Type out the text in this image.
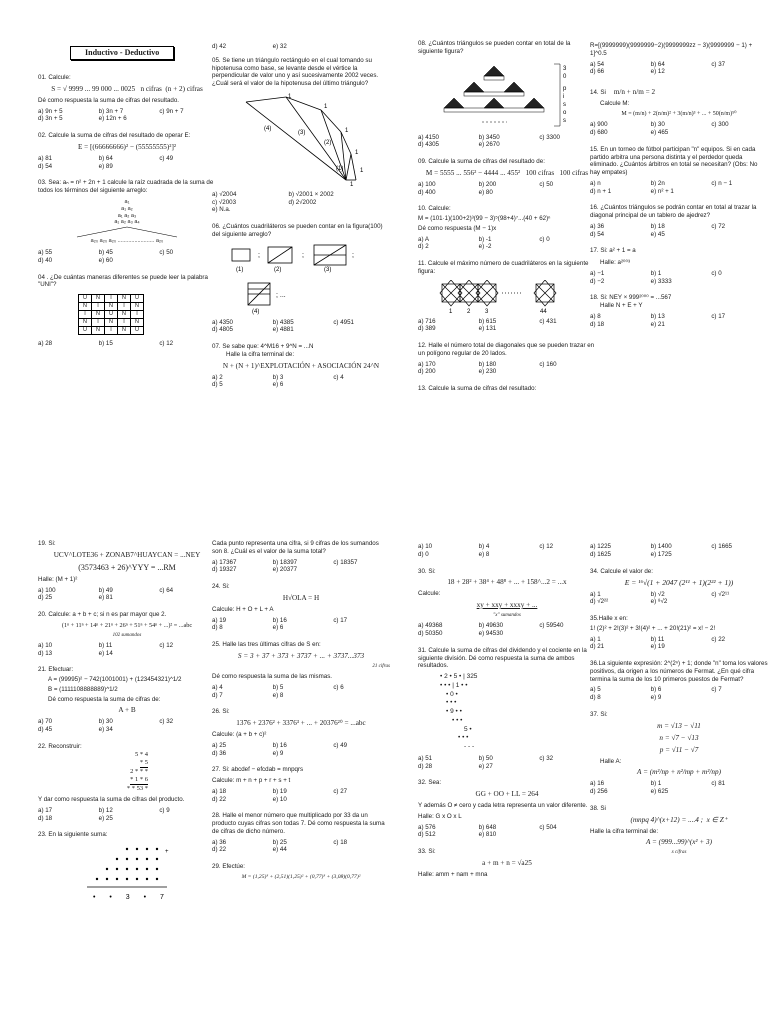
Inductivo - Deductivo
01. Calcule:
S = √ 9999 ... 99 000 ... 0025   n cifras  (n + 2) cifras
Dé como respuesta la suma de cifras del resultado.
a) 9n + 5	b) 3n + 7	c) 9n + 7
d) 3n + 5	e) 12n + 6
02. Calcule la suma de cifras del resultado de operar E:
E = [(66666666)² − (55555555)²]²
a) 81	b) 64	c) 49
d) 54	e) 89
03. Sea: aₙ = n² + 2n + 1 calcule la raíz cuadrada de la suma de todos los términos del siguiente arreglo:
a₁
a₁ a₂
a₁ a₂ a₃
a₁ a₂ a₃ a₄
a₂₀ a₂₀ a₂₀ ........................ a₂₀
a) 55	b) 45	c) 50
d) 40	e) 60
04 . ¿De cuántas maneras diferentes se puede leer la palabra "UNI"?
U	N	I	N	U
N	I	N	I	N
I	N	U	N	I
N	I	N	I	N
U	N	I	N	U
a) 28	b) 15	c) 12
d) 42	e) 32
05. Se tiene un triángulo rectángulo en el cual tomando su hipotenusa como base, se levante desde el vértice la perpendicular de valor uno y así sucesivamente 2002 veces. ¿Cuál será el valor de la hipotenusa del último triángulo?
1
1
1
1
(4)
(3)
(2)
(1)	1
1
a) √2004	b) √2001 × 2002
c) √2003	d) 2√2002
e) N.a.
06. ¿Cuántos cuadriláteros se pueden contar en la figura(100) del siguiente arreglo?
(1)	(2)	(3)
(4)
;	;	;
; ...
a) 4350	b) 4385	c) 4951
d) 4805	e) 4881
07. Se sabe que: 4^M16 + 9^N = ...N
Halle la cifra terminal de:
N + (N + 1)^EXPLOTACIÓN + ASOCIACIÓN 24^N
a) 2	b) 3	c) 4
d) 5	e) 6
08. ¿Cuántos triángulos se pueden contar en total de la siguiente figura?
3
0
p
i
s
o
s
a) 4150	b) 3450	c) 3300
d) 4305	e) 2670
09. Calcule la suma de cifras del resultado de:
M = 5555 ... 556² − 4444 ... 455²   100 cifras   100 cifras
a) 100	b) 200	c) 50
d) 400	e) 80
10. Calcule:
M = (101·1)(100+2)³(99 − 3)⁵(98+4)⁷...(40 + 62)ⁿ
Dé como respuesta (M − 1)x
a) A	b) -1	c) 0
d) 2	e) -2
11. Calcule el máximo número de cuadriláteros en la siguiente figura:
1 2 3	44
a) 716	b) 615	c) 431
d) 389	e) 131
12. Halle el número total de diagonales que se pueden trazar en un polígono regular de 20 lados.
a) 170	b) 180	c) 160
d) 200	e) 230
13. Calcule la suma de cifras del resultado:
R=[(9999999)(9999999−2)(9999999zz − 3)(9999999 − 1) + 1]^0.5
a) 54	b) 64	c) 37
d) 66	e) 12
14. Si m/n + n/m = 2
Calcule M:
M = (m/n) + 2(n/m)² + 3(m/n)³ + ... + 50(n/m)⁵⁰
a) 900	b) 30	c) 300
d) 680	e) 465
15. En un torneo de fútbol participan "n" equipos. Si en cada partido arbitra una persona distinta y el perdedor queda eliminado. ¿Cuántos árbitros en total se necesitan? (Obs: No hay empates)
a) n	b) 2n	c) n − 1
d) n + 1	e) n² + 1
16. ¿Cuántos triángulos se podrán contar en total al trazar la diagonal principal de un tablero de ajedrez?
a) 36	b) 18	c) 72
d) 54	e) 45
17. Si: a² + 1 = a
Halle: a²⁰⁰³
a) −1	b) 1	c) 0
d) −2	e) 3333
18. Si: NEY × 999²⁰⁰⁰ = ...567
Halle N + E + Y
a) 8	b) 13	c) 17
d) 18	e) 21
19. Si:
UCV^LOTE36 + ZONAB7^HUAYCAN = ...NEY
(3573463 + 26)^YYY = ...RM
Halle: (M + 1)²
a) 100	b) 49	c) 64
d) 25	e) 81
20. Calcule: a + b + c; si n es par mayor que 2.
(1ⁿ + 11ⁿ + 14ⁿ + 21ⁿ + 26ⁿ + 51ⁿ + 54ⁿ + ...)² = ...abc
102 sumandos
a) 10	b) 11	c) 12
d) 13	e) 14
21. Efectuar:
A = (99995)² − 742(1001001) + (123454321)^1/2
B = (1111108888889)^1/2
Dé como respuesta la suma de cifras de:
A + B
a) 70	b) 30	c) 32
d) 45	e) 34
22. Reconstruir:
5 * 4
* 5
2 * * *
* 1 * 6
* * 53 *
Y dar como respuesta la suma de cifras del producto.
a) 17	b) 12	c) 9
d) 18	e) 25
23. En la siguiente suma:
+
• • 3 • 7
Cada punto representa una cifra, si 9 cifras de los sumandos son 8. ¿Cuál es el valor de la suma total?
a) 17367	b) 18397	c) 18357
d) 19327	e) 20377
24. Si:
H√OLA = H
Calcule: H + O + L + A
a) 19	b) 16	c) 17
d) 8	e) 6
25. Halle las tres últimas cifras de S en:
S = 3 + 37 + 373 + 3737 + ... + 3737...373
21 cifras
Dé como respuesta la suma de las mismas.
a) 4	b) 5	c) 6
d) 7	e) 8
26. Si:
1376 + 2376² + 3376³ + ... + 20376²⁰ = ...abc
Calcule: (a + b + c)²
a) 25	b) 16	c) 49
d) 36	e) 9
27. Si: abcdef − efcdab = mnpqrs
Calcule: m + n + p + r + s + t
a) 18	b) 19	c) 27
d) 22	e) 10
28. Halle el menor número que multiplicado por 33 da un producto cuyas cifras son todas 7. Dé como respuesta la suma de cifras de dicho número.
a) 36	b) 25	c) 18
d) 22	e) 44
29. Efectúe:
M = (1,25)³ + (2,51)(1,25)² + (0,77)³ + (3,08)(0,77)²
a) 10	b) 4	c) 12
d) 0	e) 8
30. Si:
18 + 28² + 38⁴ + 48⁸ + ... + 158^...2 = ...x
Calcule:
xy + xxy + xxxy + ...
"x" sumandos
a) 49368	b) 49630	c) 59540
d) 50350	e) 94530
31. Calcule la suma de cifras del dividendo y el cociente en la siguiente división. Dé como respuesta la suma de ambos resultados.
• 2 • 5 • | 325
• • • | 1 • •
• 0 •
• • •
• 9 • •
• • •
5 •
• • •
- - -
a) 51	b) 50	c) 32
d) 28	e) 27
32. Sea:
GG + OO + LL = 264
Y además O ≠ cero y cada letra representa un valor diferente.
Halle: G x O x L
a) 576	b) 648	c) 504
d) 512	e) 810
33. Si:
a + m + n = √a25
Halle: amm + nam + mna
a) 1225	b) 1400	c) 1665
d) 1625	e) 1725
34. Calcule el valor de:
E = ¹⁶√(1 + 2047 (2¹¹ + 1)(2²² + 1))
a) 1	b) √2	c) √2¹¹
d) √2²²	e) ⁸√2
35.Halle x en:
1! (2)² + 2!(3)² + 3!(4)² + ... + 20!(21)² = x! − 2!
a) 1	b) 11	c) 22
d) 21	e) 19
36.La siguiente expresión: 2^(2ⁿ) + 1; donde "n" toma los valores positivos, da origen a los números de Fermat. ¿En qué cifra termina la suma de los 10 primeros puestos de Fermat?
a) 5	b) 6	c) 7
d) 8	e) 9
37. Si:
m = √13 − √11
n = √7 − √13
p = √11 − √7
Halle A:
A = (m²/np + n²/mp + m²/np)
a) 16	b) 1	c) 81
d) 256	e) 625
38. Si
(mnpq 4)^(x+12) = ....4 ;  x ∈ Z⁺
Halle la cifra terminal de:
A = (999...99)^(x² + 3)
x cifras
